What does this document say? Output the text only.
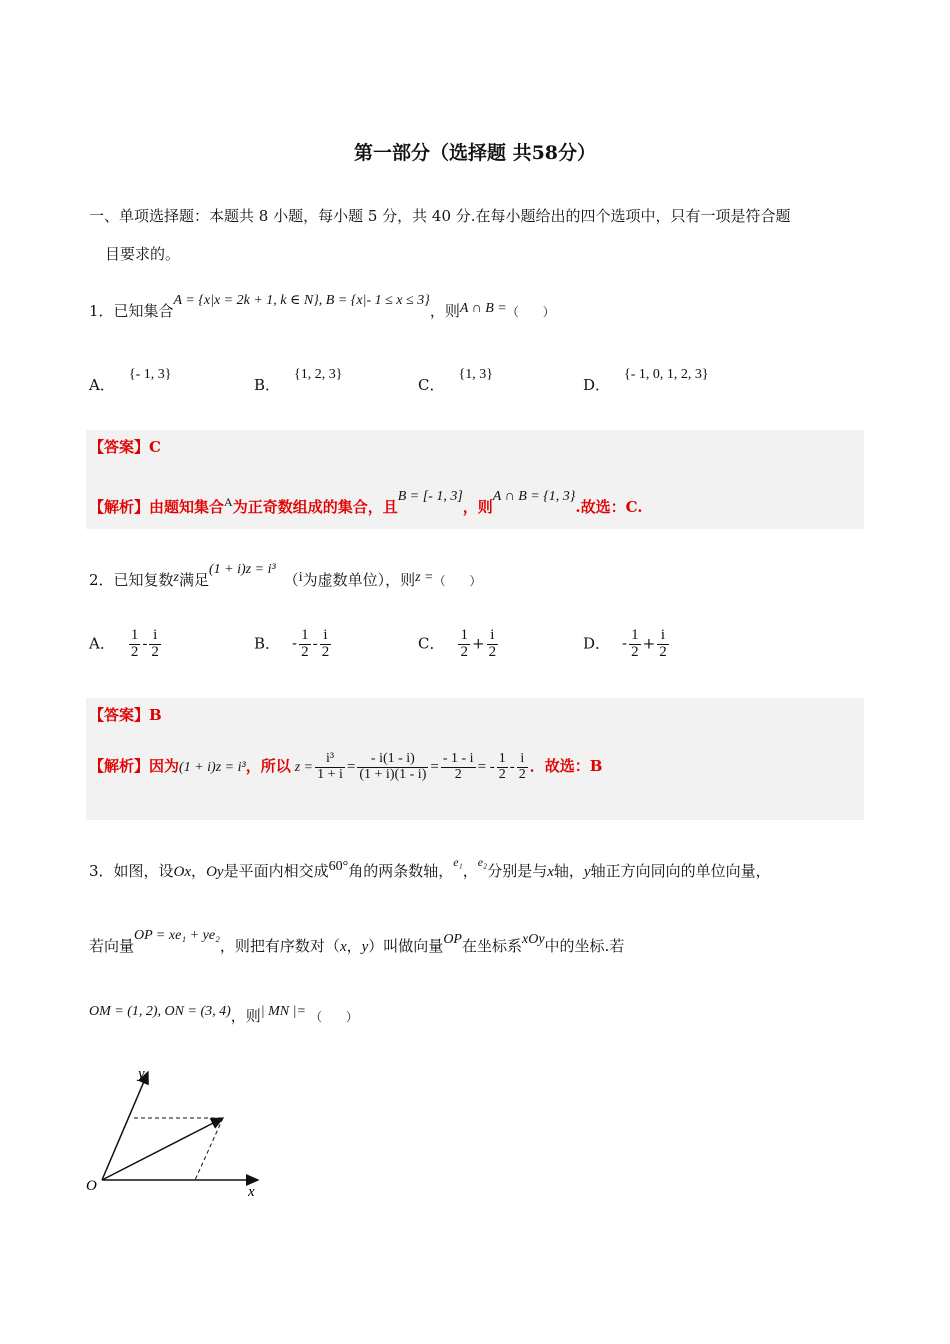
第一部分（选择题 共58分）
一、单项选择题：本题共 8 小题，每小题 5 分，共 40 分.在每小题给出的四个选项中，只有一项是符合题
目要求的。
1．已知集合A = {x|x = 2k + 1, k ∈ N}, B = {x|- 1 ≤ x ≤ 3}，则A ∩ B =（　　）
A．{- 1, 3}
B．{1, 2, 3}
C．{1, 3}
D．{- 1, 0, 1, 2, 3}
【答案】C
【解析】由题知集合$^A$为正奇数组成的集合，且B = [- 1, 3]，则A ∩ B = {1, 3}.故选：C.
2．已知复数z满足(1 + i)z = i³（i为虚数单位），则z =（　　）
A． $\frac{1}{2} - \frac{i}{2}$	B． - $\frac{1}{2} - \frac{i}{2}$	C． $\frac{1}{2} + \frac{i}{2}$	D． - $\frac{1}{2} + \frac{i}{2}$
【答案】B
【解析】因为(1 + i)z = i³，所以 $z = \frac{\text{i³}}{1 + i} = \frac{- i(1 - i)}{(1 + i)(1 - i)} = \frac{- 1 - i}{2}$ = - $\frac{1}{2} - \frac{i}{2}$ ．故选：B
3．如图，设Ox，Oy是平面内相交成60°角的两条数轴，$^{e_1}$，$^{e_2}$分别是与x轴，y轴正方向同向的单位向量，
若向量OP = xe₁ + ye₂，则把有序数对（x，y）叫做向量OP在坐标系xOy中的坐标.若
OM = (1, 2), ON = (3, 4)，则| MN |= （　　）
y
O	x
